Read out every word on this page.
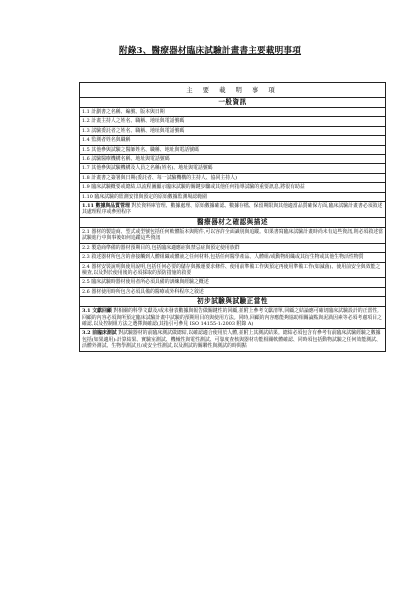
附錄3、醫療器材臨床試驗計畫書主要載明事項
主 要 載 明 事 項
一般資訊
1.1 計劃書之名稱、編號、版本與日期
1.2 計畫主持人之姓名、職稱、地址與電話號碼
1.3 試驗委託者之姓名、職稱、地址與電話號碼
1.4 監測者姓名與職稱
1.5 其他參與試驗之醫師姓名、職稱、地址與電話號碼
1.6 試驗醫療機構名稱、地址與電話號碼
1.7 其他參與試驗機構及人員之名稱(姓名)、地址與電話號碼
1.8 計畫書之簽署與日期(委託者、每一試驗機構的主持人、協同主持人)
1.9 臨床試驗概要或總結,以流程圖顯示臨床試驗的關鍵步驟或其他任何指導試驗的重要訊息,將很有助益
1.10 臨床試驗的監測安排與預定的原始數據監測場認範圍
1.11 數據與品質管理 對於資料庫管理、數據處理、原始數據確認、數據存檔、保留期限與其他適當品質確保方面,臨床試驗計畫書必須敘述其處理程序或參照程序
醫療器材之確認與描述
2.1 器材的製造商、型式或型號包括任何軟體版本與附件,可以容許全面識別與追蹤。如果書寫臨床試驗計畫時尚未有這些資訊,則必須敘述當試驗進行中與事後如何追蹤這些資訊
2.2 製造商準備的器材預期目的,包括臨床適應症與禁忌症與預定使用族群
2.3 敘述器材所包含的會接觸到人體組織或體液之任何材料,包括任何醫學產品、人體組/或動物組織或其衍生物或其他生物活性物質
2.4 器材安裝說明與使用說明,包括任何必要的儲存與搬運要求條件、使用前準備工作與預定再使用準備工作(如滅菌)、使用前安全與效能之檢查,以及對於使用後的必須採取的預防措施的敘要
2.5 臨床試驗時器材使用者所必須具備的訓練與經驗之概述
2.6 器材使用時所包含必須具備的醫療或外科程序之敘述
初步試驗與試驗正當性
3.1 文獻回顧 對相關的科學文獻及/或未發表數據與報告做關鍵性的回顧,並附上參考文獻清單,回顧之結論應可確切臨床試驗設計的正當性,回顧的內容必須與所預定臨床試驗計畫中試驗的預期用目的與使用方法。同時,回顧的內容應能夠協助相關論點與泥渦因素等必須考慮項目之確認,以及控制組方法之選擇與確認(其指引可參見 ISO 14155-1:2003 附錄 A)
3.2 前臨床測試 對試驗器材的前臨床測試做總結,以確認適合使用於人體,並附上其測試結果。總結必須包含有參考有前臨床試驗經驗之數據包括(如果適用):計算結果、實驗室測試、機械性與電性測試、可靠度查核與器材功能相關軟體確認、同時須包括動物試驗之任何效能測試、活體外測試、生物學測試且/或安全性測試,以及測試的關聯性與測試的時間點
